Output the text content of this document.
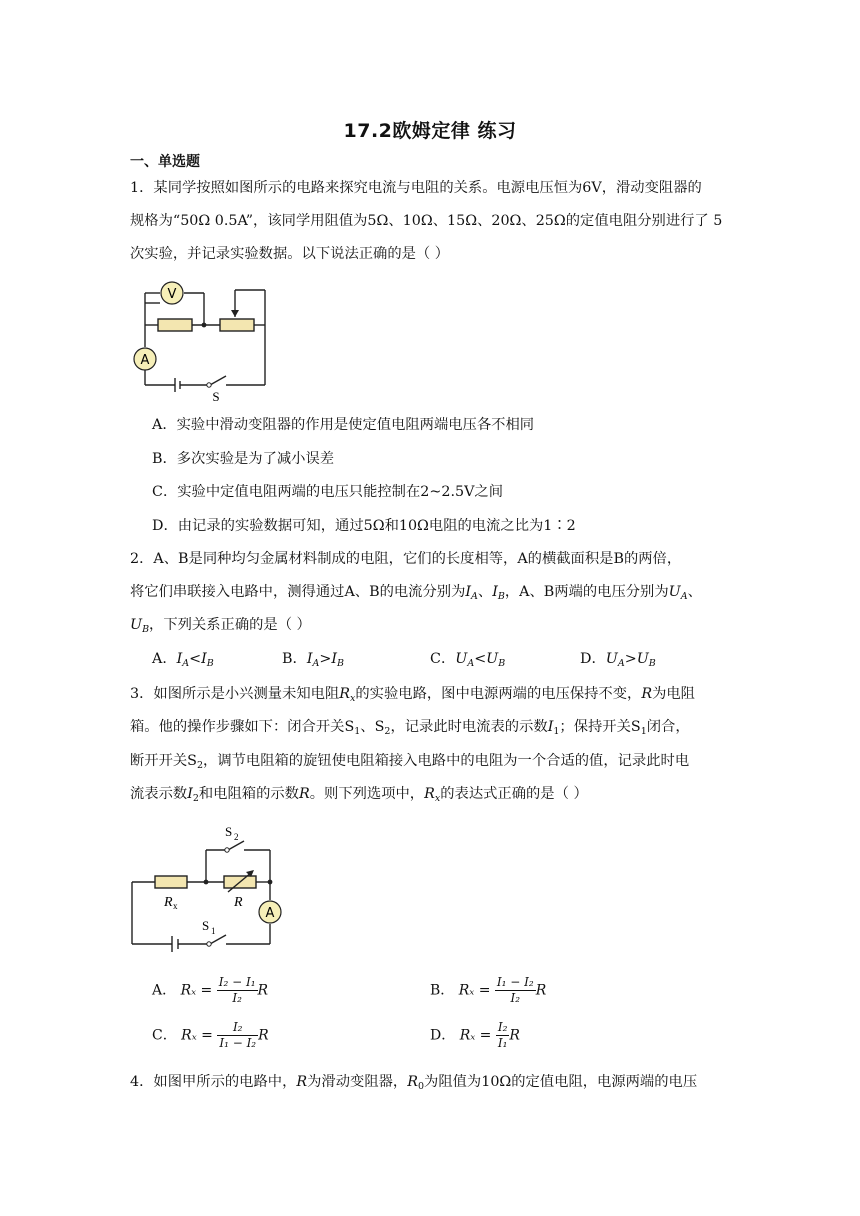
17.2欧姆定律 练习
一、单选题
1．某同学按照如图所示的电路来探究电流与电阻的关系。电源电压恒为6V，滑动变阻器的
规格为“50Ω 0.5A”，该同学用阻值为5Ω、10Ω、15Ω、20Ω、25Ω的定值电阻分别进行了 5
次实验，并记录实验数据。以下说法正确的是（ ）
V
A
S
A．实验中滑动变阻器的作用是使定值电阻两端电压各不相同
B．多次实验是为了减小误差
C．实验中定值电阻两端的电压只能控制在2~2.5V之间
D．由记录的实验数据可知，通过5Ω和10Ω电阻的电流之比为1∶2
2．A、B是同种均匀金属材料制成的电阻，它们的长度相等，A的横截面积是B的两倍，
将它们串联接入电路中，测得通过A、B的电流分别为$I_A$、$I_B$，A、B两端的电压分别为$U_A$、
$U_B$，下列关系正确的是（ ）
A．$I_A<I_B$	B．$I_A>I_B$	C．$U_A<U_B$	D．$U_A>U_B$
3．如图所示是小兴测量未知电阻$R_x$的实验电路，图中电源两端的电压保持不变，R为电阻
箱。他的操作步骤如下：闭合开关$S_1$、$S_2$，记录此时电流表的示数$I_1$；保持开关$S_1$闭合，
断开开关$S_2$，调节电阻箱的旋钮使电阻箱接入电路中的电阻为一个合适的值，记录此时电
流表示数$I_2$和电阻箱的示数R。则下列选项中，$R_x$的表达式正确的是（ ）
A
S 2
S 1
R x	R
A． $R_x = \frac{\text{I₂ − I₁}}{\text{I₂}}$ R	B． $R_x = \frac{\text{I₁ − I₂}}{\text{I₂}}$ R
C． $R_x = \frac{\text{I₂}}{\text{I₁ − I₂}}$ R	D． $R_x = \frac{\text{I₂}}{\text{I₁}}$ R
4．如图甲所示的电路中，R为滑动变阻器，$R_0$为阻值为10Ω的定值电阻，电源两端的电压
